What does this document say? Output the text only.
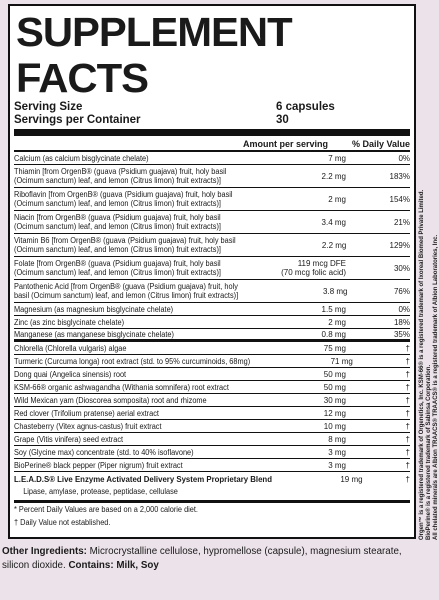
SUPPLEMENT FACTS
Serving Size	6 capsules
Servings per Container	30
Amount per serving	% Daily Value
Calcium (as calcium bisglycinate chelate)	7 mg	0%
Thiamin [from OrgenB® (guava (Psidium guajava) fruit, holy basil
(Ocimum sanctum) leaf, and lemon (Citrus limon) fruit extracts)]	2.2 mg	183%
Riboflavin [from OrgenB® (guava (Psidium guajava) fruit, holy basil
(Ocimum sanctum) leaf, and lemon (Citrus limon) fruit extracts)]	2 mg	154%
Niacin [from OrgenB® (guava (Psidium guajava) fruit, holy basil
(Ocimum sanctum) leaf, and lemon (Citrus limon) fruit extracts)]	3.4 mg	21%
Vitamin B6 [from OrgenB® (guava (Psidium guajava) fruit, holy basil
(Ocimum sanctum) leaf, and lemon (Citrus limon) fruit extracts)]	2.2 mg	129%
Folate [from OrgenB® (guava (Psidium guajava) fruit, holy basil
(Ocimum sanctum) leaf, and lemon (Citrus limon) fruit extracts)]
119 mcg DFE
(70 mcg folic acid)	30%
Pantothenic Acid [from OrgenB® (guava (Psidium guajava) fruit, holy
basil (Ocimum sanctum) leaf, and lemon (Citrus limon) fruit extracts)]	3.8 mg	76%
Magnesium (as magnesium bisglycinate chelate)	1.5 mg	0%
Zinc (as zinc bisglycinate chelate)	2 mg	18%
Manganese (as manganese bisglycinate chelate)	0.8 mg	35%
Chlorella (Chlorella vulgaris) algae	75 mg	†
Turmeric (Curcuma longa) root extract (std. to 95% curcuminoids, 68mg)	71 mg	†
Dong quai (Angelica sinensis) root	50 mg	†
KSM-66® organic ashwagandha (Withania somnifera) root extract	50 mg	†
Wild Mexican yam (Dioscorea somposita) root and rhizome	30 mg	†
Red clover (Trifolium pratense) aerial extract	12 mg	†
Chasteberry (Vitex agnus-castus) fruit extract	10 mg	†
Grape (Vitis vinifera) seed extract	8 mg	†
Soy (Glycine max) concentrate (std. to 40% isoflavone)	3 mg	†
BioPerine® black pepper (Piper nigrum) fruit extract	3 mg	†
L.E.A.D.S® Live Enzyme Activated Delivery System Proprietary Blend	19 mg	†
Lipase, amylase, protease, peptidase, cellulase
* Percent Daily Values are based on a 2,000 calorie diet.
† Daily Value not established.
Other Ingredients: Microcrystalline cellulose, hypromellose (capsule), magnesium stearate, silicon dioxide. Contains: Milk, Soy
Orgen™ is a registered trademark of Orgenetics, Inc. KSM-66® is a registered trademark of Ixoreal Biomed Private Limited. BioPerine® is a registered trademark of Sabinsa Corporation. All chelated minerals are Albion TRAACS® TRAACS® is a registered trademark of Albion Laboratories, Inc.
